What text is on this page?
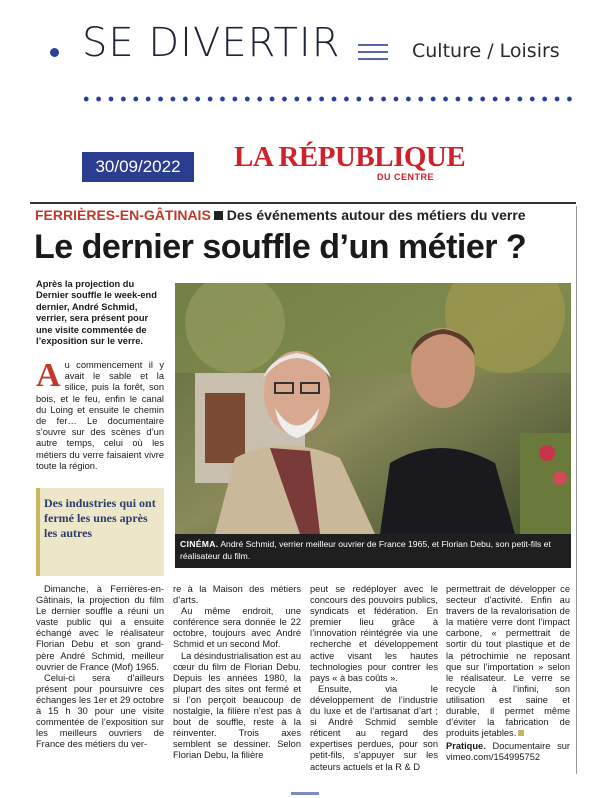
SE DIVERTIR	Culture / Loisirs
30/09/2022	LA RÉPUBLIQUE
DU CENTRE
FERRIÈRES-EN-GÂTINAIS Des événements autour des métiers du verre
Le dernier souffle d’un métier ?
Après la projection du Dernier souffle le week-end dernier, André Schmid, verrier, sera présent pour une visite commentée de l’exposition sur le verre.
Au commencement il y avait le sable et la silice, puis la forêt, son bois, et le feu, enfin le canal du Loing et ensuite le chemin de fer… Le documentaire s’ouvre sur des scènes d’un autre temps, celui où les métiers du verre faisaient vivre toute la région.
Des industries qui ont fermé les unes après les autres
CINÉMA. André Schmid, verrier meilleur ouvrier de France 1965, et Florian Debu, son petit-fils et réalisateur du film.

Dimanche, à Ferrières-en-Gâtinais, la projection du film Le dernier souffle a réuni un vaste public qui a ensuite échangé avec le réalisateur Florian Debu et son grand-père André Schmid, meilleur ouvrier de France (Mof) 1965.

Celui-ci sera d’ailleurs présent pour poursuivre ces échanges les 1er et 29 octobre à 15 h 30 pour une visite commentée de l’exposition sur les meilleurs ouvriers de France des métiers du ver-

re à la Maison des métiers d’arts.

Au même endroit, une conférence sera donnée le 22 octobre, toujours avec André Schmid et un second Mof.

La désindustrialisation est au cœur du film de Florian Debu. Depuis les années 1980, la plupart des sites ont fermé et si l’on perçoit beaucoup de nostalgie, la filière n’est pas à bout de souffle, reste à la réinventer. Trois axes semblent se dessiner. Selon Florian Debu, la filière

peut se redéployer avec le concours des pouvoirs publics, syndicats et fédération. En premier lieu grâce à l’innovation réintégrée via une recherche et développement active visant les hautes technologies pour contrer les pays « à bas coûts ».

Ensuite, via le développement de l’industrie du luxe et de l’artisanat d’art ; si André Schmid semble réticent au regard des expertises perdues, pour son petit-fils, s’appuyer sur les acteurs actuels et la R & D

permettrait de développer ce secteur d’activité. Enfin au travers de la revalorisation de la matière verre dont l’impact carbone, « permettrait de sortir du tout plastique et de la pétrochimie ne reposant que sur l’importation » selon le réalisateur. Le verre se recycle à l’infini, son utilisation est saine et durable, il permet même d’éviter la fabrication de produits jetables.

Pratique. Documentaire sur vimeo.com/154995752
